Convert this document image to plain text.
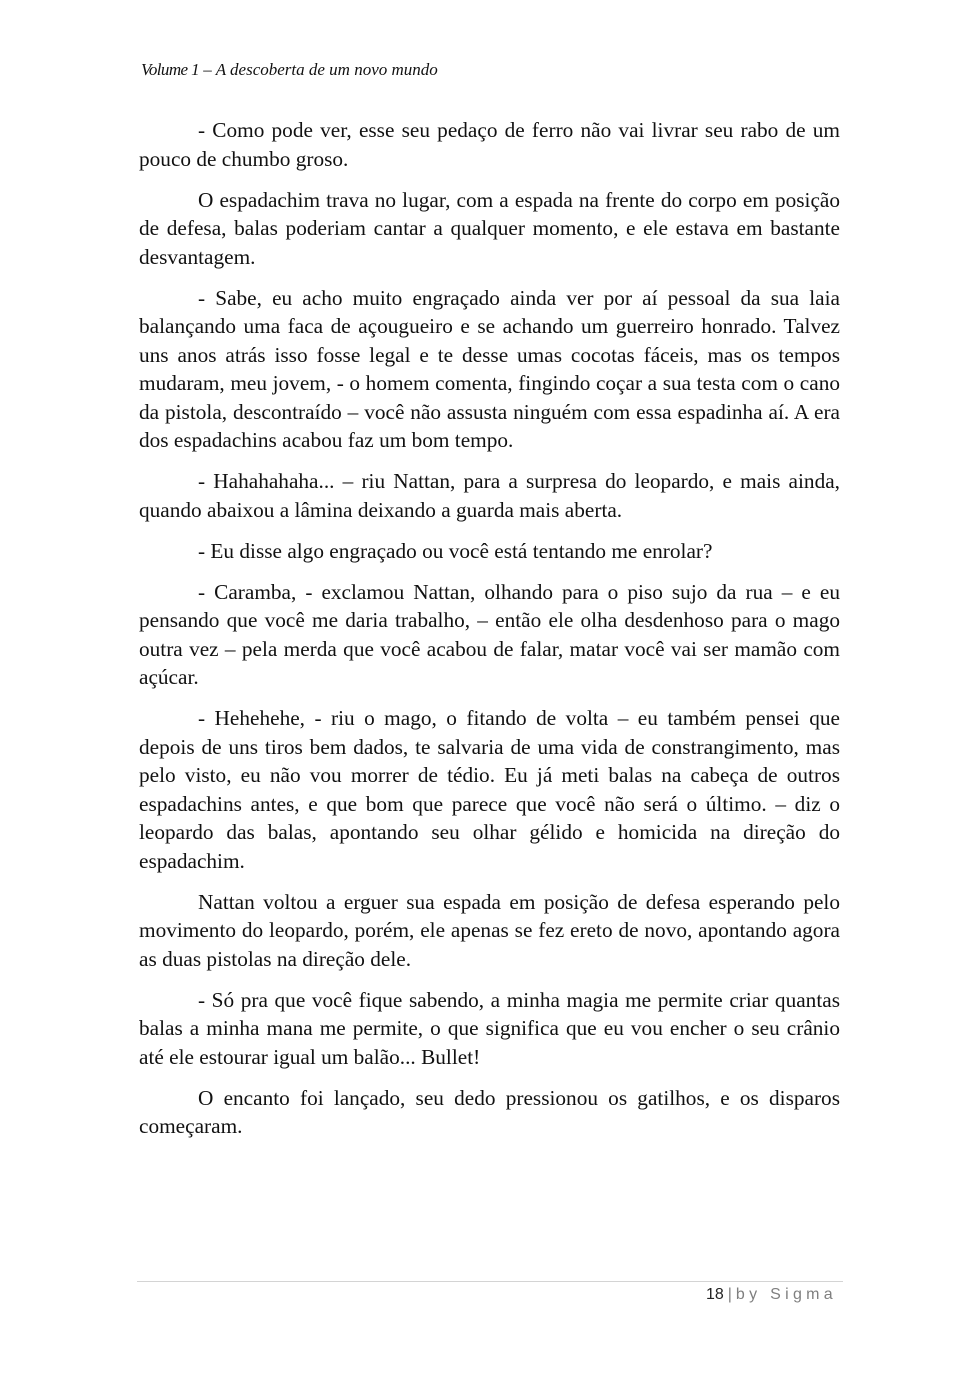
Volume 1 – A descoberta de um novo mundo

- Como pode ver, esse seu pedaço de ferro não vai livrar seu rabo de um pouco de chumbo groso.

O espadachim trava no lugar, com a espada na frente do corpo em posição de defesa, balas poderiam cantar a qualquer momento, e ele estava em bastante desvantagem.

- Sabe, eu acho muito engraçado ainda ver por aí pessoal da sua laia balançando uma faca de açougueiro e se achando um guerreiro honrado. Talvez uns anos atrás isso fosse legal e te desse umas cocotas fáceis, mas os tempos mudaram, meu jovem, - o homem comenta, fingindo coçar a sua testa com o cano da pistola, descontraído – você não assusta ninguém com essa espadinha aí. A era dos espadachins acabou faz um bom tempo.

- Hahahahaha... – riu Nattan, para a surpresa do leopardo, e mais ainda, quando abaixou a lâmina deixando a guarda mais aberta.

- Eu disse algo engraçado ou você está tentando me enrolar?

- Caramba, - exclamou Nattan, olhando para o piso sujo da rua – e eu pensando que você me daria trabalho, – então ele olha desdenhoso para o mago outra vez – pela merda que você acabou de falar, matar você vai ser mamão com açúcar.

- Hehehehe, - riu o mago, o fitando de volta – eu também pensei que depois de uns tiros bem dados, te salvaria de uma vida de constrangimento, mas pelo visto, eu não vou morrer de tédio. Eu já meti balas na cabeça de outros espadachins antes, e que bom que parece que você não será o último. – diz o leopardo das balas, apontando seu olhar gélido e homicida na direção do espadachim.

Nattan voltou a erguer sua espada em posição de defesa esperando pelo movimento do leopardo, porém, ele apenas se fez ereto de novo, apontando agora as duas pistolas na direção dele.

- Só pra que você fique sabendo, a minha magia me permite criar quantas balas a minha mana me permite, o que significa que eu vou encher o seu crânio até ele estourar igual um balão... Bullet!

O encanto foi lançado, seu dedo pressionou os gatilhos, e os disparos começaram.

18 | by Sigma
